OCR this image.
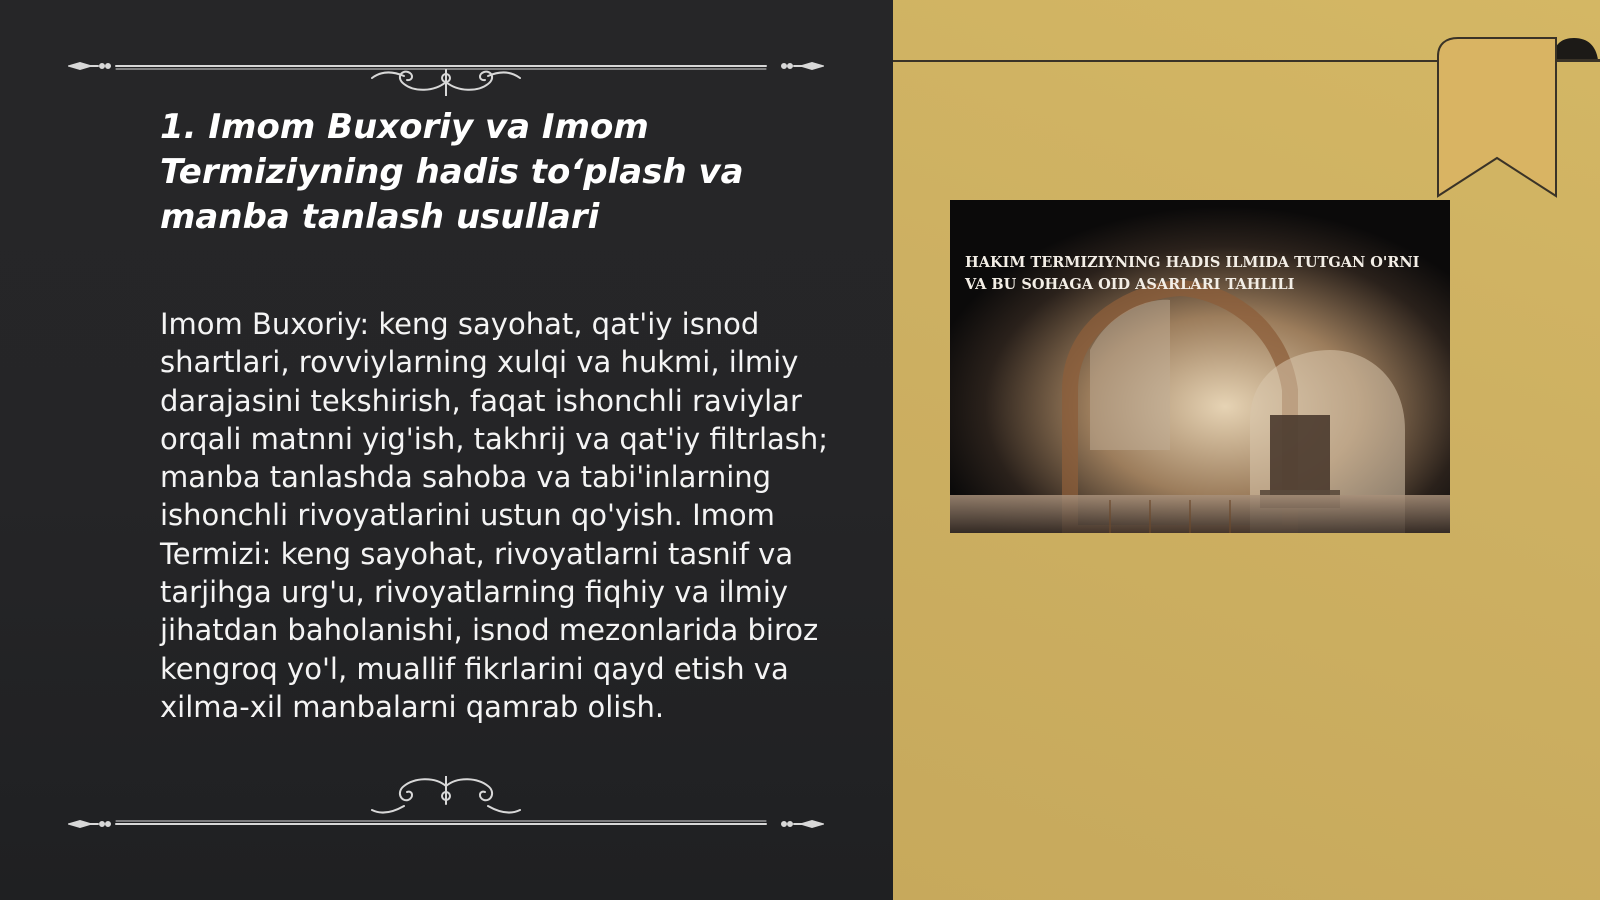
1. Imom Buxoriy va Imom Termiziyning hadis to‘plash va manba tanlash usullari

Imom Buxoriy: keng sayohat, qat'iy isnod shartlari, rovviylarning xulqi va hukmi, ilmiy darajasini tekshirish, faqat ishonchli raviylar orqali matnni yig'ish, takhrij va qat'iy filtrlash; manba tanlashda sahoba va tabi'inlarning ishonchli rivoyatlarini ustun qo'yish. Imom Termizi: keng sayohat, rivoyatlarni tasnif va tarjihga urg'u, rivoyatlarning fiqhiy va ilmiy jihatdan baholanishi, isnod mezonlarida biroz kengroq yo'l, muallif fikrlarini qayd etish va xilma-xil manbalarni qamrab olish.

HAKIM TERMIZIYNING HADIS ILMIDA TUTGAN O'RNI VA BU SOHAGA OID ASARLARI TAHLILI
